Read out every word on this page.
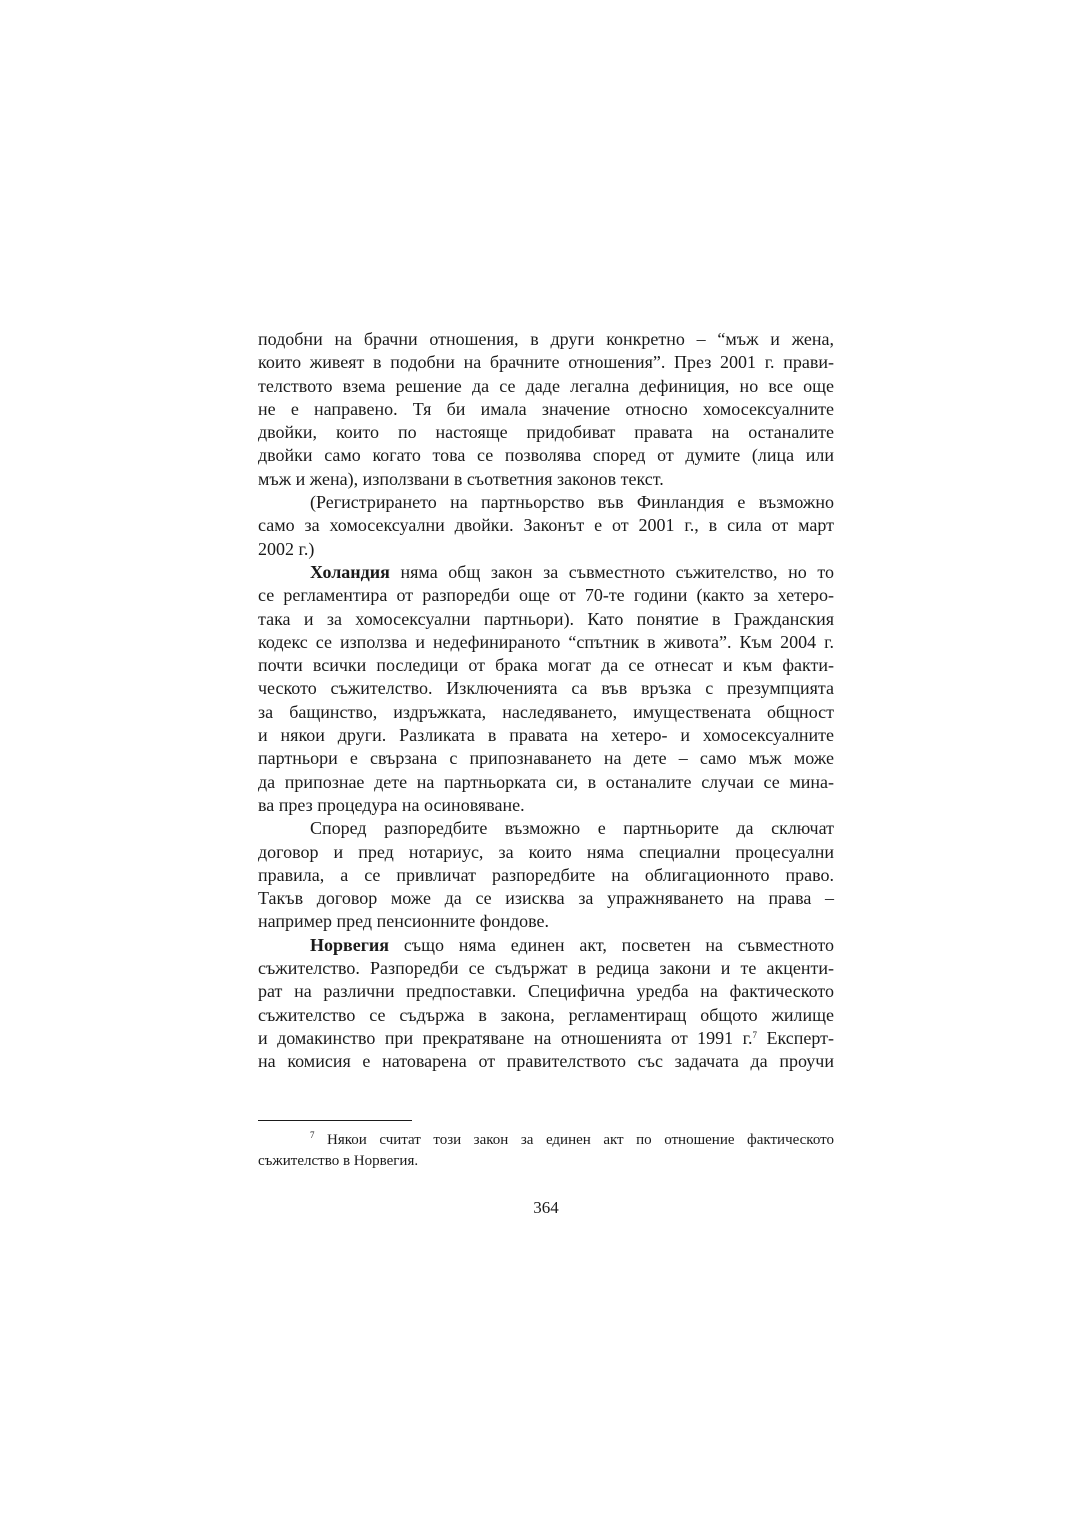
подобни на брачни отношения, в други конкретно – “мъж и жена,
които живеят в подобни на брачните отношения”. През 2001 г. прави-
телството взема решение да се даде легална дефиниция, но все още
не е направено. Тя би имала значение относно хомосексуалните
двойки, които по настояще придобиват правата на останалите
двойки само когато това се позволява според от думите (лица или
мъж и жена), използвани в съответния законов текст.
(Регистрирането на партньорство във Финландия е възможно
само за хомосексуални двойки. Законът е от 2001 г., в сила от март
2002 г.)
Холандия няма общ закон за съвместното съжителство, но то
се регламентира от разпоредби още от 70-те години (както за хетеро-
така и за хомосексуални партньори). Като понятие в Гражданския
кодекс се използва и недефинираното “спътник в живота”. Към 2004 г.
почти всички последици от брака могат да се отнесат и към факти-
ческото съжителство. Изключенията са във връзка с презумпцията
за бащинство, издръжката, наследяването, имуществената общност
и някои други. Разликата в правата на хетеро- и хомосексуалните
партньори е свързана с припознаването на дете – само мъж може
да припознае дете на партньорката си, в останалите случаи се мина-
ва през процедура на осиновяване.
Според разпоредбите възможно е партньорите да сключат
договор и пред нотариус, за които няма специални процесуални
правила, а се привличат разпоредбите на облигационното право.
Такъв договор може да се изисква за упражняването на права –
например пред пенсионните фондове.
Норвегия също няма единен акт, посветен на съвместното
съжителство. Разпоредби се съдържат в редица закони и те акценти-
рат на различни предпоставки. Специфична уредба на фактическото
съжителство се съдържа в закона, регламентиращ общото жилище
и домакинство при прекратяване на отношенията от 1991 г.$^7$ Експерт-
на комисия е натоварена от правителството със задачата да проучи
$^7$ Някои считат този закон за единен акт по отношение фактическото
съжителство в Норвегия.
364
